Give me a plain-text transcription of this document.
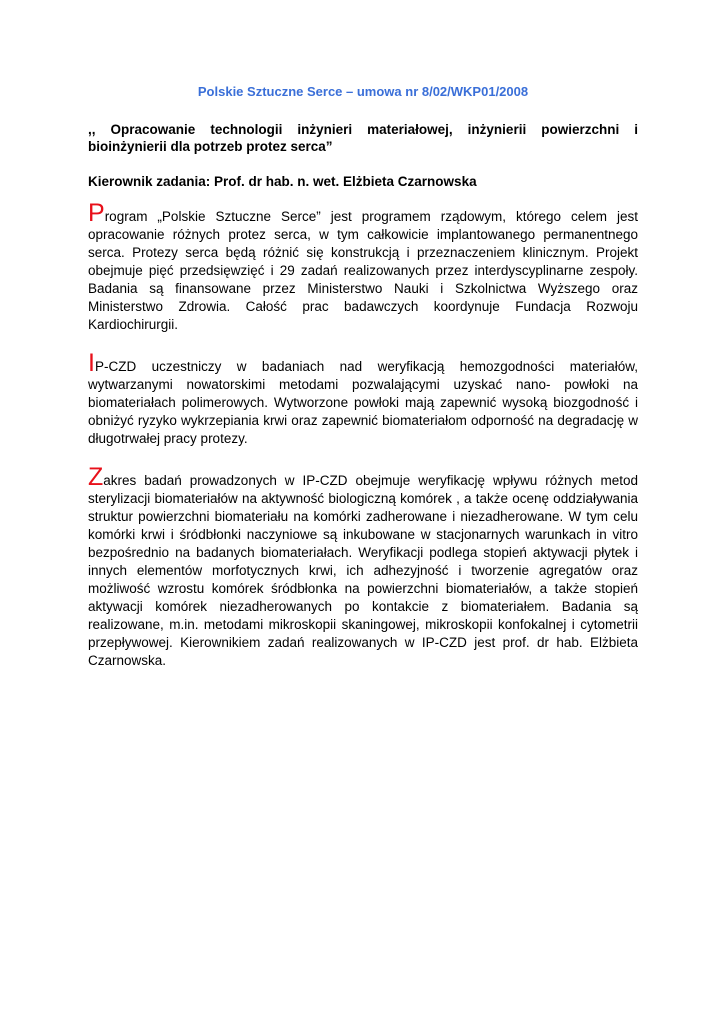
Polskie Sztuczne Serce – umowa nr 8/02/WKP01/2008
,, Opracowanie technologii inżynieri materiałowej, inżynierii powierzchni i bioinżynierii dla potrzeb protez serca”
Kierownik zadania: Prof. dr hab. n. wet. Elżbieta Czarnowska

Program „Polskie Sztuczne Serce” jest programem rządowym, którego celem jest opracowanie różnych protez serca, w tym całkowicie implantowanego permanentnego serca. Protezy serca będą różnić się konstrukcją i przeznaczeniem klinicznym. Projekt obejmuje pięć przedsięwzięć i 29 zadań realizowanych przez interdyscyplinarne zespoły. Badania są finansowane przez Ministerstwo Nauki i Szkolnictwa Wyższego oraz Ministerstwo Zdrowia. Całość prac badawczych koordynuje Fundacja Rozwoju Kardiochirurgii.

IP-CZD uczestniczy w badaniach nad weryfikacją hemozgodności materiałów, wytwarzanymi nowatorskimi metodami pozwalającymi uzyskać nano- powłoki na biomateriałach polimerowych. Wytworzone powłoki mają zapewnić wysoką biozgodność i obniżyć ryzyko wykrzepiania krwi oraz zapewnić biomateriałom odporność na degradację w długotrwałej pracy protezy.

Zakres badań prowadzonych w IP-CZD obejmuje weryfikację wpływu różnych metod sterylizacji biomateriałów na aktywność biologiczną komórek , a także ocenę oddziaływania struktur powierzchni biomateriału na komórki zadherowane i niezadherowane. W tym celu komórki krwi i śródbłonki naczyniowe są inkubowane w stacjonarnych warunkach in vitro bezpośrednio na badanych biomateriałach. Weryfikacji podlega stopień aktywacji płytek i innych elementów morfotycznych krwi, ich adhezyjność i tworzenie agregatów oraz możliwość wzrostu komórek śródbłonka na powierzchni biomateriałów, a także stopień aktywacji komórek niezadherowanych po kontakcie z biomateriałem. Badania są realizowane, m.in. metodami mikroskopii skaningowej, mikroskopii konfokalnej i cytometrii przepływowej. Kierownikiem zadań realizowanych w IP-CZD jest prof. dr hab. Elżbieta Czarnowska.
